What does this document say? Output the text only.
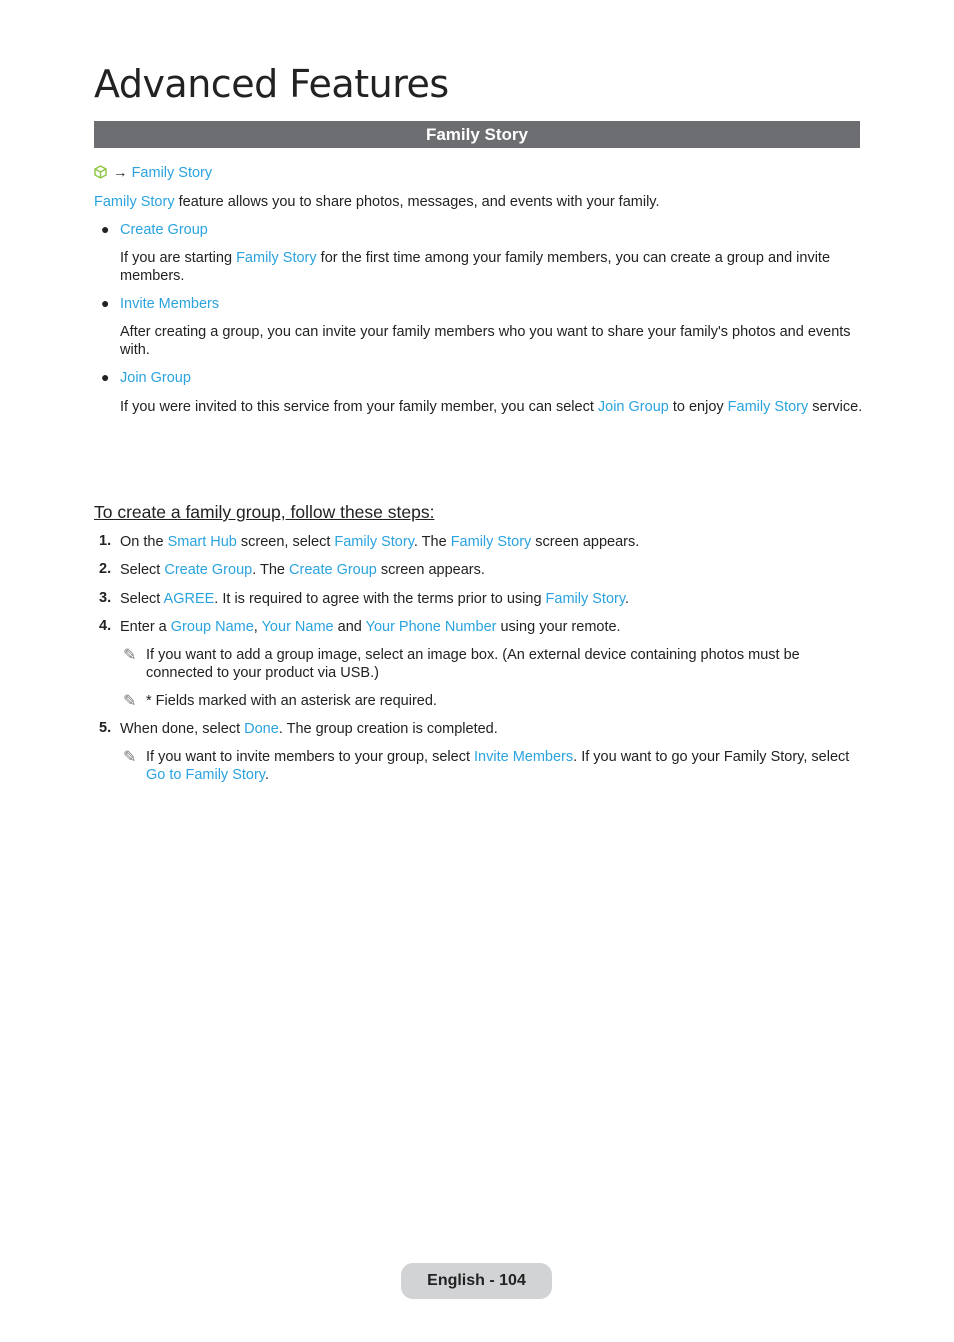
Advanced Features
Family Story
→ Family Story
Family Story feature allows you to share photos, messages, and events with your family.
● Create Group
If you are starting Family Story for the first time among your family members, you can create a group and invite members.
● Invite Members
After creating a group, you can invite your family members who you want to share your family's photos and events with.
● Join Group
If you were invited to this service from your family member, you can select Join Group to enjoy Family Story service.
To create a family group, follow these steps:
1. On the Smart Hub screen, select Family Story. The Family Story screen appears.
2. Select Create Group. The Create Group screen appears.
3. Select AGREE. It is required to agree with the terms prior to using Family Story.
4. Enter a Group Name, Your Name and Your Phone Number using your remote.
✎ If you want to add a group image, select an image box. (An external device containing photos must be connected to your product via USB.)
✎ * Fields marked with an asterisk are required.
5. When done, select Done. The group creation is completed.
✎ If you want to invite members to your group, select Invite Members. If you want to go your Family Story, select Go to Family Story.
English - 104
